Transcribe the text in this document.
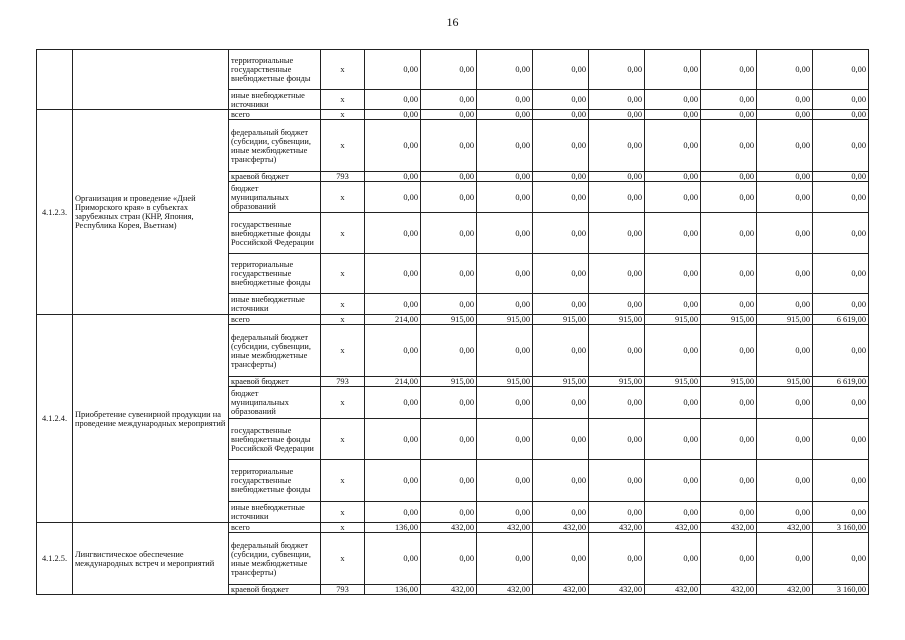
16
		территориальные государственные внебюджетные фонды	x	0,00	0,00	0,00	0,00	0,00	0,00	0,00	0,00	0,00
		иные внебюджетные источники	x	0,00	0,00	0,00	0,00	0,00	0,00	0,00	0,00	0,00
4.1.2.3.	Организация и проведение «Дней Приморского края» в субъектах зарубежных стран (КНР, Япония, Республика Корея, Вьетнам)	всего	x	0,00	0,00	0,00	0,00	0,00	0,00	0,00	0,00	0,00
		федеральный бюджет (субсидии, субвенции, иные межбюджетные трансферты)	x	0,00	0,00	0,00	0,00	0,00	0,00	0,00	0,00	0,00
		краевой бюджет	793	0,00	0,00	0,00	0,00	0,00	0,00	0,00	0,00	0,00
		бюджет муниципальных образований	x	0,00	0,00	0,00	0,00	0,00	0,00	0,00	0,00	0,00
		государственные внебюджетные фонды Российской Федерации	x	0,00	0,00	0,00	0,00	0,00	0,00	0,00	0,00	0,00
		территориальные государственные внебюджетные фонды	x	0,00	0,00	0,00	0,00	0,00	0,00	0,00	0,00	0,00
		иные внебюджетные источники	x	0,00	0,00	0,00	0,00	0,00	0,00	0,00	0,00	0,00
4.1.2.4.	Приобретение сувенирной продукции на проведение международных мероприятий	всего	x	214,00	915,00	915,00	915,00	915,00	915,00	915,00	915,00	6 619,00
		федеральный бюджет (субсидии, субвенции, иные межбюджетные трансферты)	x	0,00	0,00	0,00	0,00	0,00	0,00	0,00	0,00	0,00
		краевой бюджет	793	214,00	915,00	915,00	915,00	915,00	915,00	915,00	915,00	6 619,00
		бюджет муниципальных образований	x	0,00	0,00	0,00	0,00	0,00	0,00	0,00	0,00	0,00
		государственные внебюджетные фонды Российской Федерации	x	0,00	0,00	0,00	0,00	0,00	0,00	0,00	0,00	0,00
		территориальные государственные внебюджетные фонды	x	0,00	0,00	0,00	0,00	0,00	0,00	0,00	0,00	0,00
		иные внебюджетные источники	x	0,00	0,00	0,00	0,00	0,00	0,00	0,00	0,00	0,00
4.1.2.5.	Лингвистическое обеспечение международных встреч и мероприятий	всего	x	136,00	432,00	432,00	432,00	432,00	432,00	432,00	432,00	3 160,00
		федеральный бюджет (субсидии, субвенции, иные межбюджетные трансферты)	x	0,00	0,00	0,00	0,00	0,00	0,00	0,00	0,00	0,00
		краевой бюджет	793	136,00	432,00	432,00	432,00	432,00	432,00	432,00	432,00	3 160,00
